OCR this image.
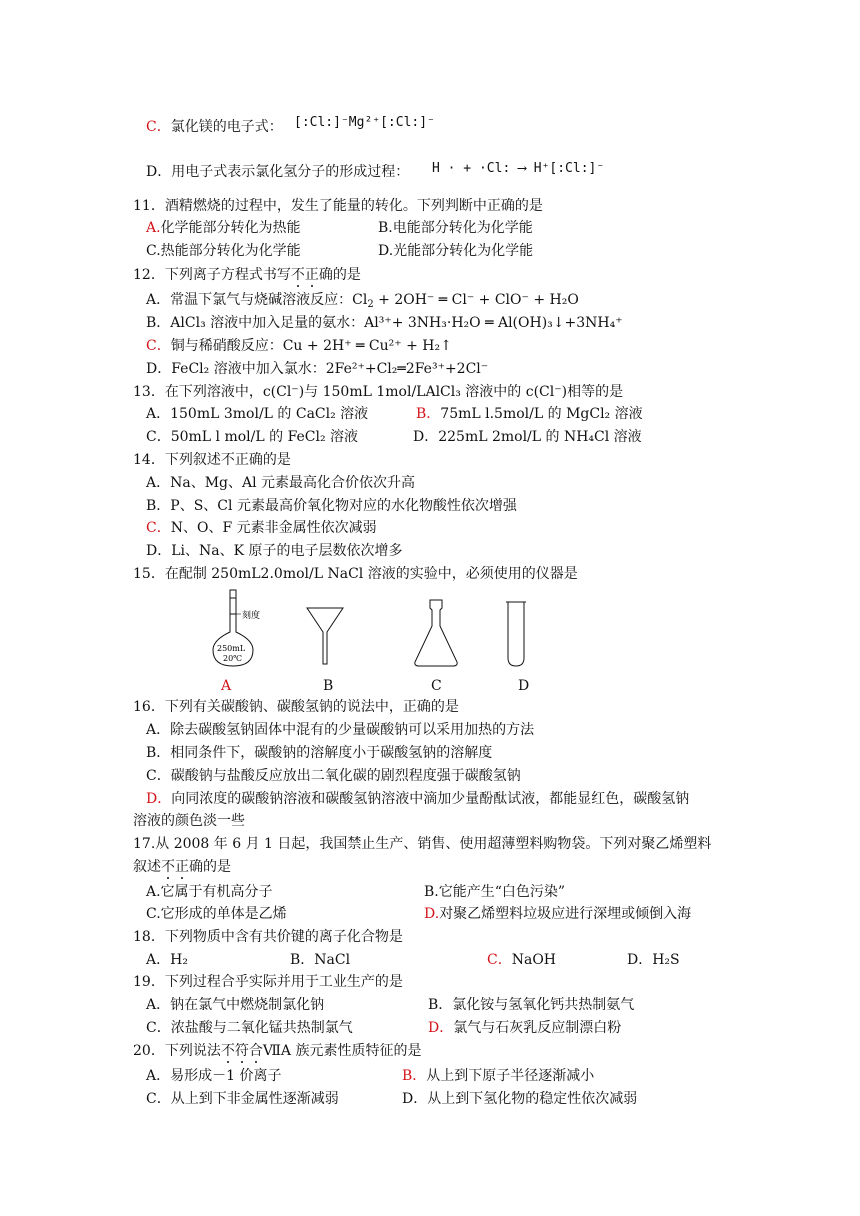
C．氯化镁的电子式： [:Cl:]⁻Mg²⁺[:Cl:]⁻
D．用电子式表示氯化氢分子的形成过程： H · + ·Cl: ⟶ H⁺[:Cl:]⁻
11．酒精燃烧的过程中，发生了能量的转化。下列判断中正确的是
A.化学能部分转化为热能	B.电能部分转化为化学能
C.热能部分转化为化学能	D.光能部分转化为化学能
12．下列离子方程式书写不正确的是
A．常温下氯气与烧碱溶液反应：$Cl_2 + 2OH^-$ ═ Cl⁻ + ClO⁻ + H₂O
B．AlCl₃ 溶液中加入足量的氨水：Al³⁺+ 3NH₃·H₂O ═ Al(OH)₃↓+3NH₄⁺
C．铜与稀硝酸反应：Cu + 2H⁺ ═ Cu²⁺ + H₂↑
D．FeCl₂ 溶液中加入氯水：2Fe²⁺+Cl₂═2Fe³⁺+2Cl⁻
13．在下列溶液中，c(Cl⁻)与 150mL 1mol/LAlCl₃ 溶液中的 c(Cl⁻)相等的是
A．150mL 3mol/L 的 CaCl₂ 溶液	B．75mL l.5mol/L 的 MgCl₂ 溶液
C．50mL l mol/L 的 FeCl₂ 溶液	D．225mL 2mol/L 的 NH₄Cl 溶液
14．下列叙述不正确的是
A．Na、Mg、Al 元素最高化合价依次升高
B．P、S、Cl 元素最高价氧化物对应的水化物酸性依次增强
C．N、O、F 元素非金属性依次减弱
D．Li、Na、K 原子的电子层数依次增多
15．在配制 250mL2.0mol/L NaCl 溶液的实验中，必须使用的仪器是
刻度
250mL
20℃
A	B	C	D
16．下列有关碳酸钠、碳酸氢钠的说法中，正确的是
A．除去碳酸氢钠固体中混有的少量碳酸钠可以采用加热的方法
B．相同条件下，碳酸钠的溶解度小于碳酸氢钠的溶解度
C．碳酸钠与盐酸反应放出二氧化碳的剧烈程度强于碳酸氢钠
D．向同浓度的碳酸钠溶液和碳酸氢钠溶液中滴加少量酚酞试液，都能显红色，碳酸氢钠
溶液的颜色淡一些
17.从 2008 年 6 月 1 日起，我国禁止生产、销售、使用超薄塑料购物袋。下列对聚乙烯塑料
叙述不正确的是
A.它属于有机高分子	B.它能产生“白色污染”
C.它形成的单体是乙烯	D.对聚乙烯塑料垃圾应进行深埋或倾倒入海
18．下列物质中含有共价键的离子化合物是
A．H₂	B．NaCl	C．NaOH	D．H₂S
19．下列过程合乎实际并用于工业生产的是
A．钠在氯气中燃烧制氯化钠	B．氯化铵与氢氧化钙共热制氨气
C．浓盐酸与二氧化锰共热制氯气	D．氯气与石灰乳反应制漂白粉
20．下列说法不符合ⅦA 族元素性质特征的是
A．易形成－1 价离子	B．从上到下原子半径逐渐减小
C．从上到下非金属性逐渐减弱	D．从上到下氢化物的稳定性依次减弱
